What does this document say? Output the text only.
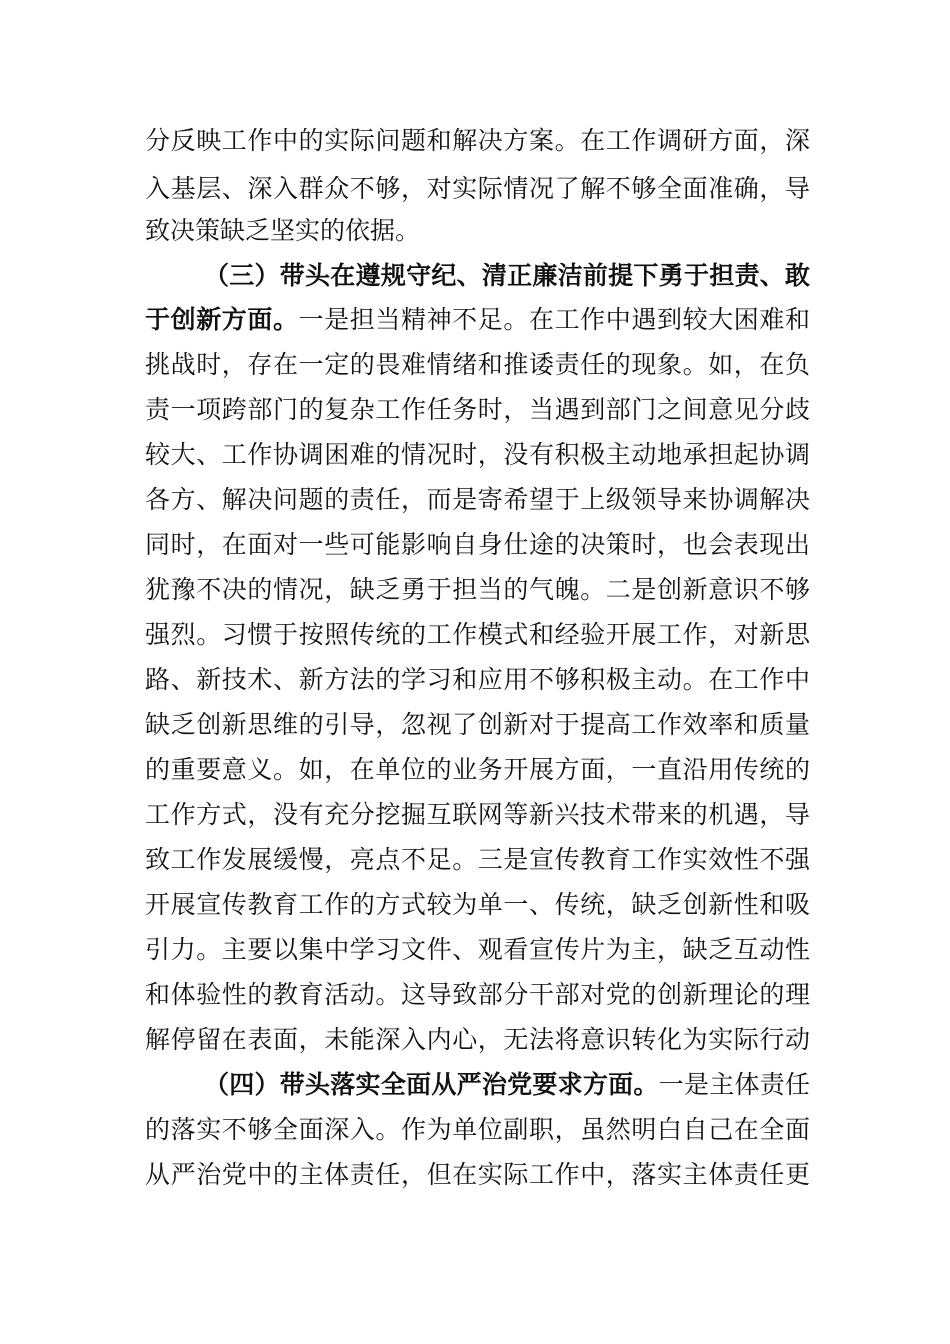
分反映工作中的实际问题和解决方案。在工作调研方面，深
入基层、深入群众不够，对实际情况了解不够全面准确，导
致决策缺乏坚实的依据。
（三）带头在遵规守纪、清正廉洁前提下勇于担责、敢
于创新方面。一是担当精神不足。在工作中遇到较大困难和
挑战时，存在一定的畏难情绪和推诿责任的现象。如，在负
责一项跨部门的复杂工作任务时，当遇到部门之间意见分歧
较大、工作协调困难的情况时，没有积极主动地承担起协调
各方、解决问题的责任，而是寄希望于上级领导来协调解决
同时，在面对一些可能影响自身仕途的决策时，也会表现出
犹豫不决的情况，缺乏勇于担当的气魄。二是创新意识不够
强烈。习惯于按照传统的工作模式和经验开展工作，对新思
路、新技术、新方法的学习和应用不够积极主动。在工作中
缺乏创新思维的引导，忽视了创新对于提高工作效率和质量
的重要意义。如，在单位的业务开展方面，一直沿用传统的
工作方式，没有充分挖掘互联网等新兴技术带来的机遇，导
致工作发展缓慢，亮点不足。三是宣传教育工作实效性不强
开展宣传教育工作的方式较为单一、传统，缺乏创新性和吸
引力。主要以集中学习文件、观看宣传片为主，缺乏互动性
和体验性的教育活动。这导致部分干部对党的创新理论的理
解停留在表面，未能深入内心，无法将意识转化为实际行动
（四）带头落实全面从严治党要求方面。一是主体责任
的落实不够全面深入。作为单位副职，虽然明白自己在全面
从严治党中的主体责任，但在实际工作中，落实主体责任更
